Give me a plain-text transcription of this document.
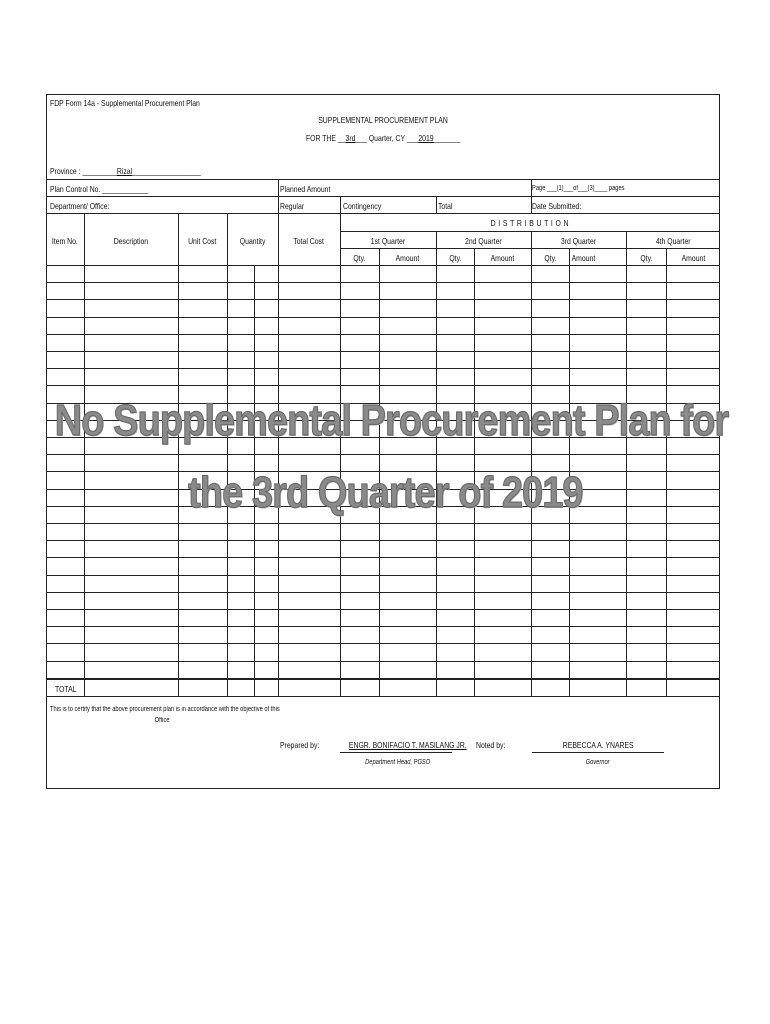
FDP Form 14a - Supplemental Procurement Plan
SUPPLEMENTAL PROCUREMENT PLAN
FOR THE __3rd___ Quarter, CY ___2019_______
Province : _________Rizal__________________
Plan Control No. ____________
Department/ Office:
Planned Amount
Regular	Contingency	Total
Page ___(1)___of___(3)____ pages
Date Submitted:
D I S T R I B U T I O N
Item No.	Description	Unit Cost	Quantity	Total Cost	1st Quarter	2nd Quarter	3rd Quarter	4th Quarter
Qty.	Amount	Qty.	Amount	Qty.	Amount	Qty.	Amount
TOTAL
This is to certify that the above procurement plan is in accordance with the objective of this
Office
Prepared by:	ENGR. BONIFACIO T. MASILANG JR.
Department Head, PGSO
Noted by:	REBECCA A. YNARES
Governor
No Supplemental Procurement Plan for
the 3rd Quarter of 2019
